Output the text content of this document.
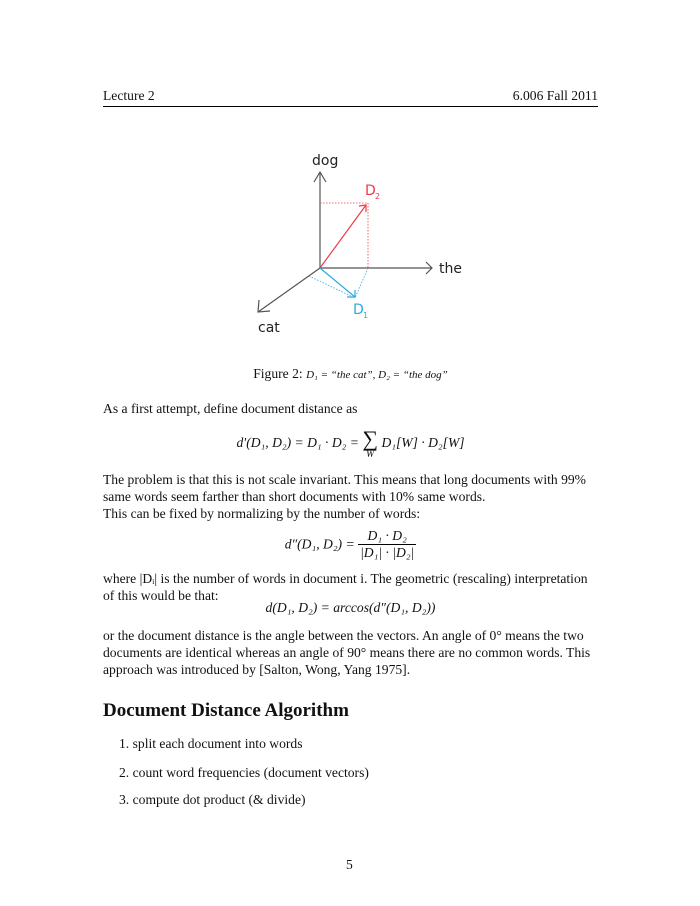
Lecture 2	6.006 Fall 2011
dog
the
cat
D 2
D 1
Figure 2: D₁ = “the cat”, D₂ = “the dog”
As a first attempt, define document distance as
d′(D₁, D₂) = D₁ · D₂ = ∑
W
D₁[W] · D₂[W]
The problem is that this is not scale invariant. This means that long documents with 99%
same words seem farther than short documents with 10% same words.
This can be fixed by normalizing by the number of words:
d″(D₁, $D_2) = \frac{\text{D₁ · D₂}}{\text{|D₁| · |D₂|}}$
where |Dᵢ| is the number of words in document i. The geometric (rescaling) interpretation
of this would be that:
d(D₁, D₂) = arccos(d″(D₁, D₂))
or the document distance is the angle between the vectors. An angle of 0° means the two
documents are identical whereas an angle of 90° means there are no common words. This
approach was introduced by [Salton, Wong, Yang 1975].
Document Distance Algorithm
1. split each document into words
2. count word frequencies (document vectors)
3. compute dot product (& divide)
5
